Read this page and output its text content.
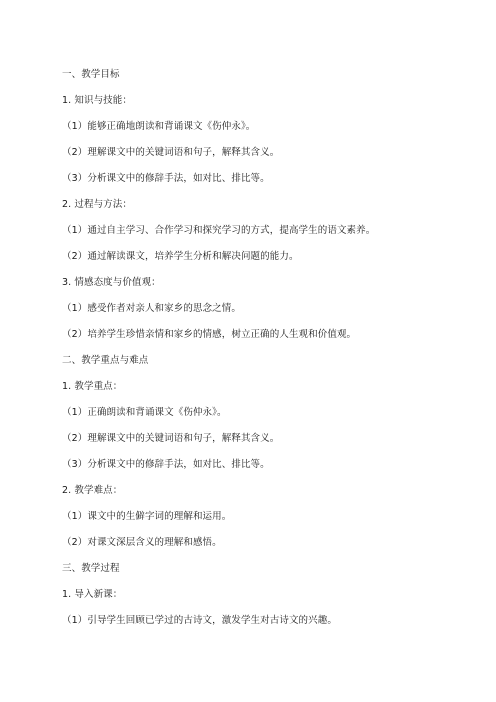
一、教学目标
1. 知识与技能：
（1）能够正确地朗读和背诵课文《伤仲永》。
（2）理解课文中的关键词语和句子，解释其含义。
（3）分析课文中的修辞手法，如对比、排比等。
2. 过程与方法：
（1）通过自主学习、合作学习和探究学习的方式，提高学生的语文素养。
（2）通过解读课文，培养学生分析和解决问题的能力。
3. 情感态度与价值观：
（1）感受作者对亲人和家乡的思念之情。
（2）培养学生珍惜亲情和家乡的情感，树立正确的人生观和价值观。
二、教学重点与难点
1. 教学重点：
（1）正确朗读和背诵课文《伤仲永》。
（2）理解课文中的关键词语和句子，解释其含义。
（3）分析课文中的修辞手法，如对比、排比等。
2. 教学难点：
（1）课文中的生僻字词的理解和运用。
（2）对课文深层含义的理解和感悟。
三、教学过程
1. 导入新课：
（1）引导学生回顾已学过的古诗文，激发学生对古诗文的兴趣。
